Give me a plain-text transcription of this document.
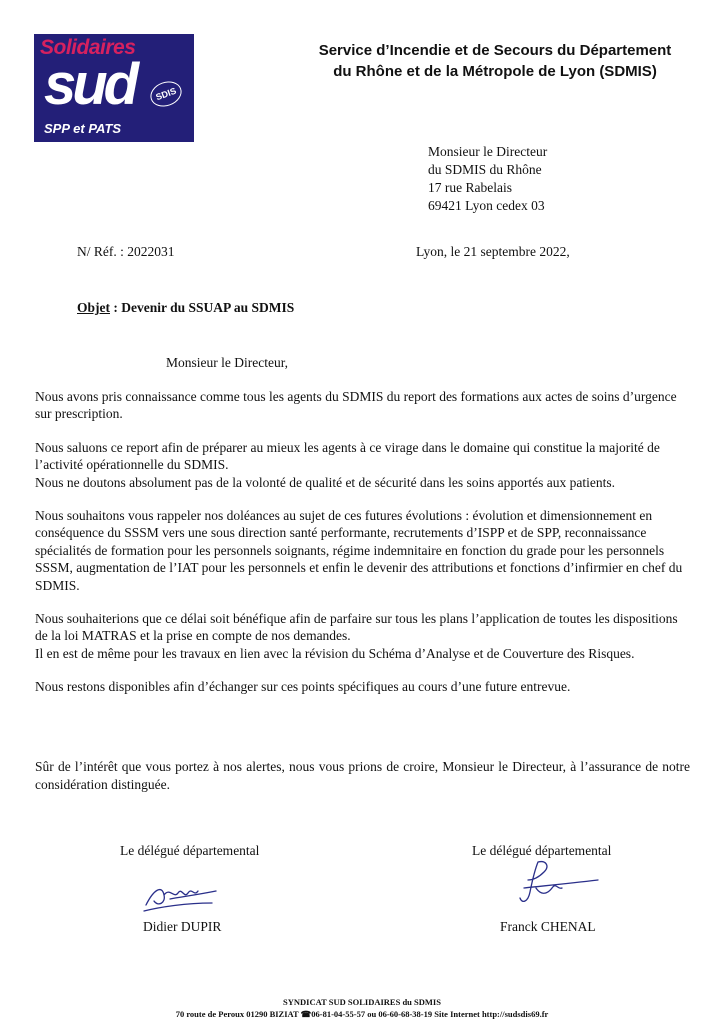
Solidaires
sud	SDIS
SPP et PATS
Service d’Incendie et de Secours du Département
du Rhône et de la Métropole de Lyon (SDMIS)
Monsieur le Directeur
du SDMIS du Rhône
17 rue Rabelais
69421 Lyon cedex 03
N/ Réf. : 2022031	Lyon, le 21 septembre 2022,
Objet : Devenir du SSUAP au SDMIS
Monsieur le Directeur,

Nous avons pris connaissance comme tous les agents du SDMIS du report des formations aux actes de soins d’urgence sur prescription.

Nous saluons ce report afin de préparer au mieux les agents à ce virage dans le domaine qui constitue la majorité de l’activité opérationnelle du SDMIS.

Nous ne doutons absolument pas de la volonté de qualité et de sécurité dans les soins apportés aux patients.

Nous souhaitons vous rappeler nos doléances au sujet de ces futures évolutions : évolution et dimensionnement en conséquence du SSSM vers une sous direction santé performante, recrutements d’ISPP et de SPP, reconnaissance spécialités de formation pour les personnels soignants, régime indemnitaire en fonction du grade pour les personnels SSSM, augmentation de l’IAT pour les personnels et enfin le devenir des attributions et fonctions d’infirmier en chef du SDMIS.

Nous souhaiterions que ce délai soit bénéfique afin de parfaire sur tous les plans l’application de toutes les dispositions de la loi MATRAS et la prise en compte de nos demandes.

Il en est de même pour les travaux en lien avec la révision du Schéma d’Analyse et de Couverture des Risques.

Nous restons disponibles afin d’échanger sur ces points spécifiques au cours d’une future entrevue.

Sûr de l’intérêt que vous portez à nos alertes, nous vous prions de croire, Monsieur le Directeur, à l’assurance de notre considération distinguée.
Le délégué départemental	Le délégué départemental
Didier DUPIR	Franck CHENAL
SYNDICAT SUD SOLIDAIRES du SDMIS
70 route de Peroux 01290 BIZIAT ☎06-81-04-55-57 ou 06-60-68-38-19 Site Internet http://sudsdis69.fr
